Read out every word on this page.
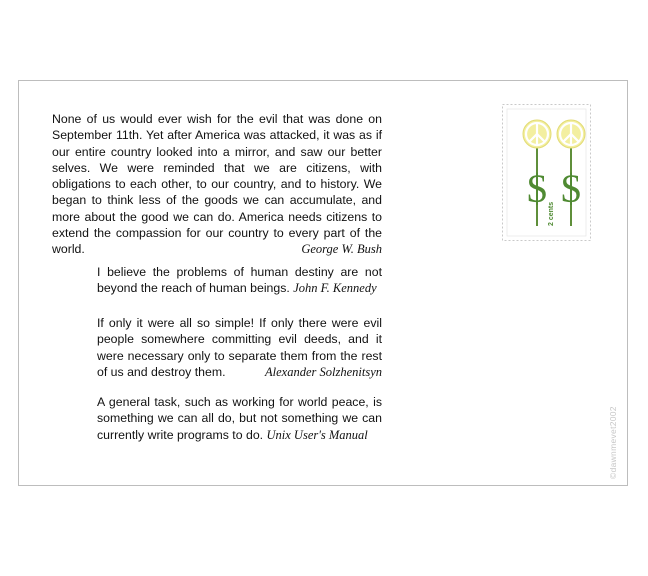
None of us would ever wish for the evil that was done on September 11th. Yet after America was attacked, it was as if our entire country looked into a mirror, and saw our better selves. We were reminded that we are citizens, with obligations to each other, to our country, and to history. We began to think less of the goods we can accumulate, and more about the good we can do. America needs citizens to extend the compassion for our country to every part of the world.	George W. Bush
I believe the problems of human destiny are not beyond the reach of human beings. John F. Kennedy
If only it were all so simple! If only there were evil people somewhere committing evil deeds, and it were necessary only to separate them from the rest of us and destroy them.	Alexander Solzhenitsyn
A general task, such as working for world peace, is something we can all do, but not something we can currently write programs to do. Unix User's Manual
$ $
2 cents
©dawnmevet2002
